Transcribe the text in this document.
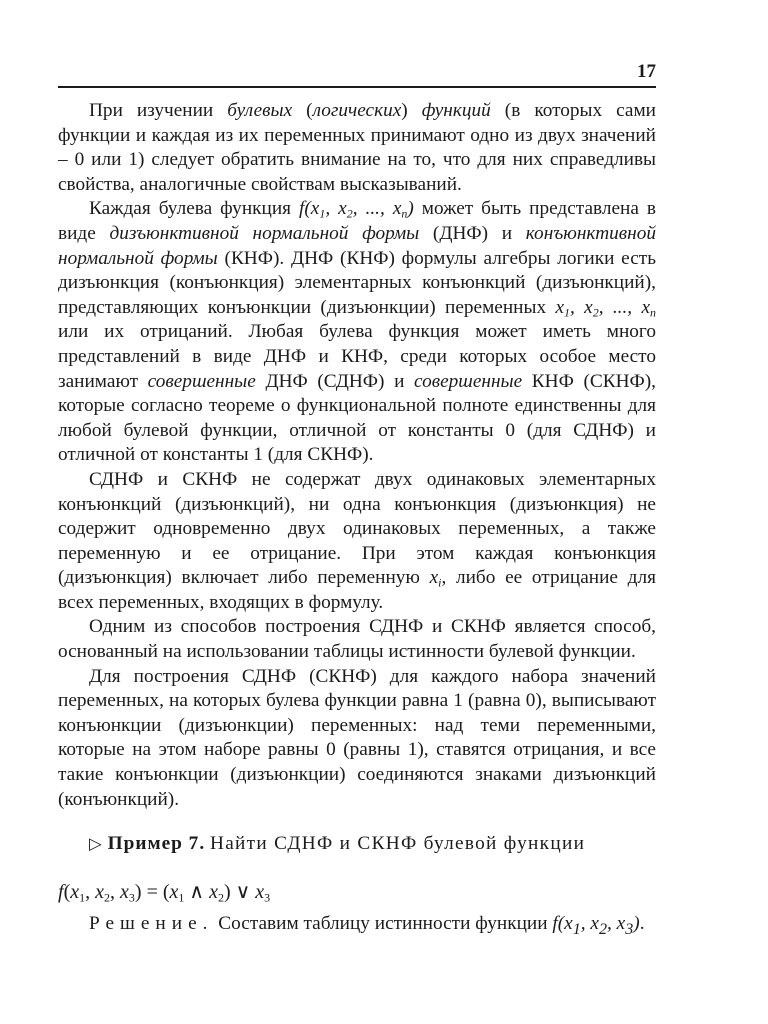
17

При изучении булевых (логических) функций (в которых сами функции и каждая из их переменных принимают одно из двух значений – 0 или 1) следует обратить внимание на то, что для них справедливы свойства, аналогичные свойствам высказываний.

Каждая булева функция $f(x_1$, $x_2$, ..., $x_n$) может быть представлена в виде дизъюнктивной нормальной формы (ДНФ) и конъюнктивной нормальной формы (КНФ). ДНФ (КНФ) формулы алгебры логики есть дизъюнкция (конъюнкция) элементарных конъюнкций (дизъюнкций), представляющих конъюнкции (дизъюнкции) переменных $x_1$, $x_2$, ..., $x_n$ или их отрицаний. Любая булева функция может иметь много представлений в виде ДНФ и КНФ, среди которых особое место занимают совершенные ДНФ (СДНФ) и совершенные КНФ (СКНФ), которые согласно теореме о функциональной полноте единственны для любой булевой функции, отличной от константы 0 (для СДНФ) и отличной от константы 1 (для СКНФ).

СДНФ и СКНФ не содержат двух одинаковых элементарных конъюнкций (дизъюнкций), ни одна конъюнкция (дизъюнкция) не содержит одновременно двух одинаковых переменных, а также переменную и ее отрицание. При этом каждая конъюнкция (дизъюнкция) включает либо переменную $x_i$, либо ее отрицание для всех переменных, входящих в формулу.

Одним из способов построения СДНФ и СКНФ является способ, основанный на использовании таблицы истинности булевой функции.

Для построения СДНФ (СКНФ) для каждого набора значений переменных, на которых булева функции равна 1 (равна 0), выписывают конъюнкции (дизъюнкции) переменных: над теми переменными, которые на этом наборе равны 0 (равны 1), ставятся отрицания, и все такие конъюнкции (дизъюнкции) соединяются знаками дизъюнкций (конъюнкций).

▷ Пример 7. Найти СДНФ и СКНФ булевой функции

$f(x_1$, $x_2$, $x_3) = (x_1$ ∧ $x_2$) ∨ $x_3$

Решение. Составим таблицу истинности функции $f(x_1$, $x_2$, $x_3$).
